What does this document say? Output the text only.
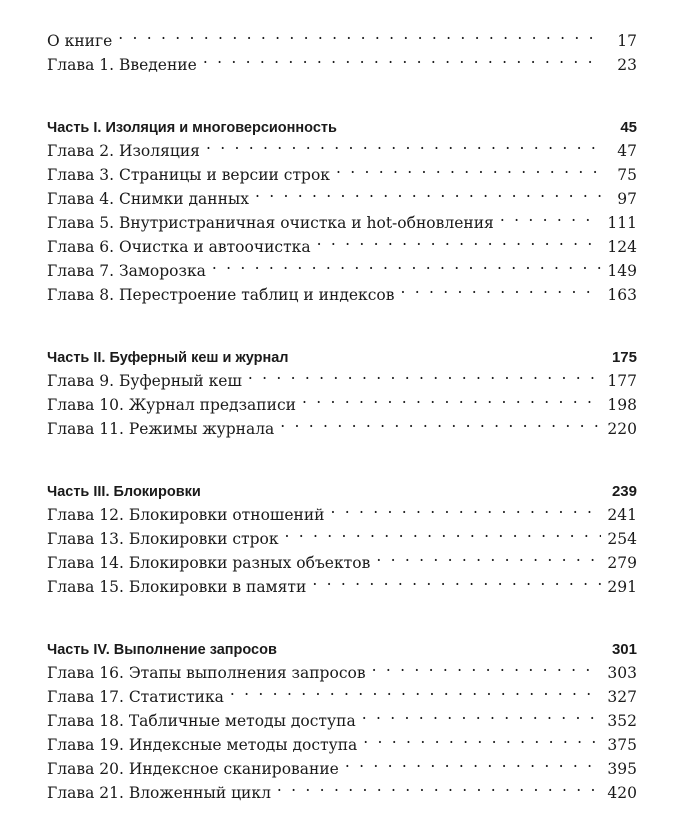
О книге . . .	17
Глава 1. Введение . . .	23
Часть I. Изоляция и многоверсионность	45
Глава 2. Изоляция . . .	47
Глава 3. Страницы и версии строк . . .	75
Глава 4. Снимки данных . . .	97
Глава 5. Внутристраничная очистка и hot-обновления . . .	111
Глава 6. Очистка и автоочистка . . .	124
Глава 7. Заморозка . . .	149
Глава 8. Перестроение таблиц и индексов . . .	163
Часть II. Буферный кеш и журнал	175
Глава 9. Буферный кеш . . .	177
Глава 10. Журнал предзаписи . . .	198
Глава 11. Режимы журнала . . .	220
Часть III. Блокировки	239
Глава 12. Блокировки отношений . . .	241
Глава 13. Блокировки строк . . .	254
Глава 14. Блокировки разных объектов . . .	279
Глава 15. Блокировки в памяти . . .	291
Часть IV. Выполнение запросов	301
Глава 16. Этапы выполнения запросов . . .	303
Глава 17. Статистика . . .	327
Глава 18. Табличные методы доступа . . .	352
Глава 19. Индексные методы доступа . . .	375
Глава 20. Индексное сканирование . . .	395
Глава 21. Вложенный цикл . . .	420
